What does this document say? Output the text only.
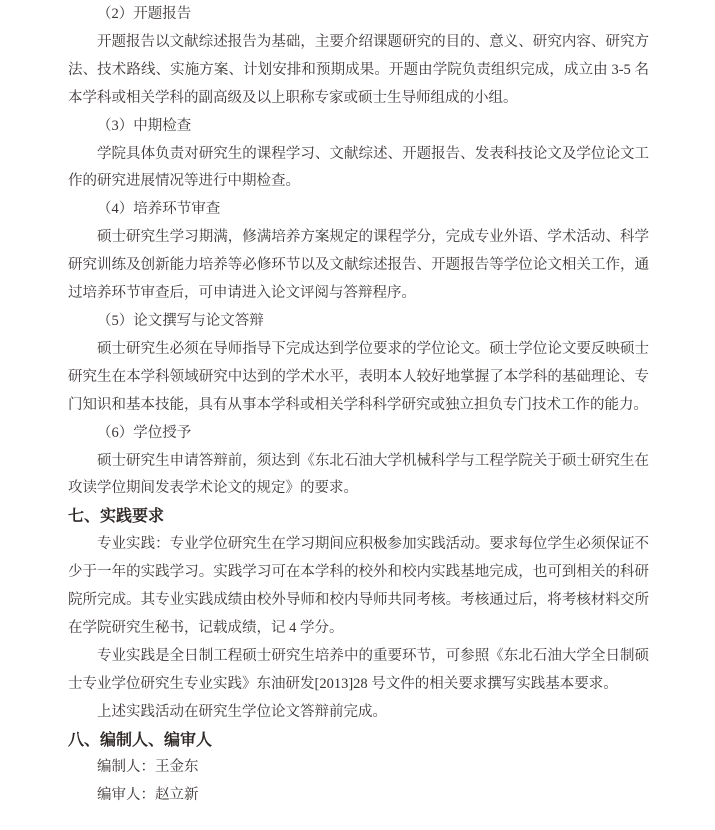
（2）开题报告

开题报告以文献综述报告为基础，主要介绍课题研究的目的、意义、研究内容、研究方法、技术路线、实施方案、计划安排和预期成果。开题由学院负责组织完成，成立由 3-5 名本学科或相关学科的副高级及以上职称专家或硕士生导师组成的小组。

（3）中期检查

学院具体负责对研究生的课程学习、文献综述、开题报告、发表科技论文及学位论文工作的研究进展情况等进行中期检查。

（4）培养环节审查

硕士研究生学习期满，修满培养方案规定的课程学分，完成专业外语、学术活动、科学研究训练及创新能力培养等必修环节以及文献综述报告、开题报告等学位论文相关工作，通过培养环节审查后，可申请进入论文评阅与答辩程序。

（5）论文撰写与论文答辩

硕士研究生必须在导师指导下完成达到学位要求的学位论文。硕士学位论文要反映硕士研究生在本学科领域研究中达到的学术水平，表明本人较好地掌握了本学科的基础理论、专门知识和基本技能，具有从事本学科或相关学科科学研究或独立担负专门技术工作的能力。

（6）学位授予

硕士研究生申请答辩前，须达到《东北石油大学机械科学与工程学院关于硕士研究生在攻读学位期间发表学术论文的规定》的要求。

七、实践要求

专业实践：专业学位研究生在学习期间应积极参加实践活动。要求每位学生必须保证不少于一年的实践学习。实践学习可在本学科的校外和校内实践基地完成，也可到相关的科研院所完成。其专业实践成绩由校外导师和校内导师共同考核。考核通过后，将考核材料交所在学院研究生秘书，记载成绩，记 4 学分。

专业实践是全日制工程硕士研究生培养中的重要环节，可参照《东北石油大学全日制硕士专业学位研究生专业实践》东油研发[2013]28 号文件的相关要求撰写实践基本要求。

上述实践活动在研究生学位论文答辩前完成。

八、编制人、编审人

编制人：王金东

编审人：赵立新
